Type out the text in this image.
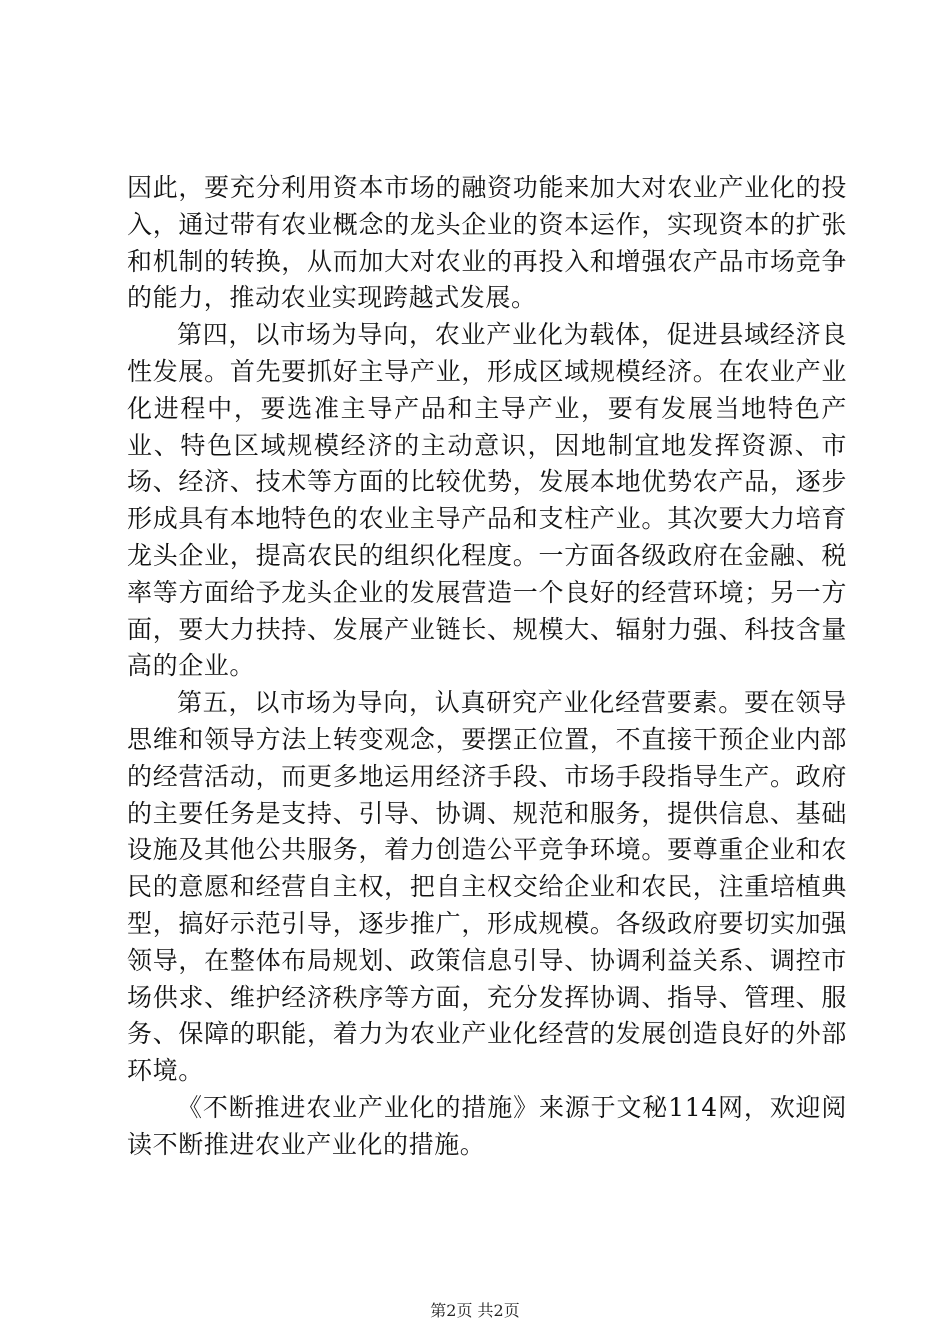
因此，要充分利用资本市场的融资功能来加大对农业产业化的投入，通过带有农业概念的龙头企业的资本运作，实现资本的扩张和机制的转换，从而加大对农业的再投入和增强农产品市场竞争的能力，推动农业实现跨越式发展。

第四，以市场为导向，农业产业化为载体，促进县域经济良性发展。首先要抓好主导产业，形成区域规模经济。在农业产业化进程中，要选准主导产品和主导产业，要有发展当地特色产业、特色区域规模经济的主动意识，因地制宜地发挥资源、市场、经济、技术等方面的比较优势，发展本地优势农产品，逐步形成具有本地特色的农业主导产品和支柱产业。其次要大力培育龙头企业，提高农民的组织化程度。一方面各级政府在金融、税率等方面给予龙头企业的发展营造一个良好的经营环境；另一方面，要大力扶持、发展产业链长、规模大、辐射力强、科技含量高的企业。

第五，以市场为导向，认真研究产业化经营要素。要在领导思维和领导方法上转变观念，要摆正位置，不直接干预企业内部的经营活动，而更多地运用经济手段、市场手段指导生产。政府的主要任务是支持、引导、协调、规范和服务，提供信息、基础设施及其他公共服务，着力创造公平竞争环境。要尊重企业和农民的意愿和经营自主权，把自主权交给企业和农民，注重培植典型，搞好示范引导，逐步推广，形成规模。各级政府要切实加强领导，在整体布局规划、政策信息引导、协调利益关系、调控市场供求、维护经济秩序等方面，充分发挥协调、指导、管理、服务、保障的职能，着力为农业产业化经营的发展创造良好的外部环境。

《不断推进农业产业化的措施》来源于文秘114网，欢迎阅读不断推进农业产业化的措施。

第2页 共2页
